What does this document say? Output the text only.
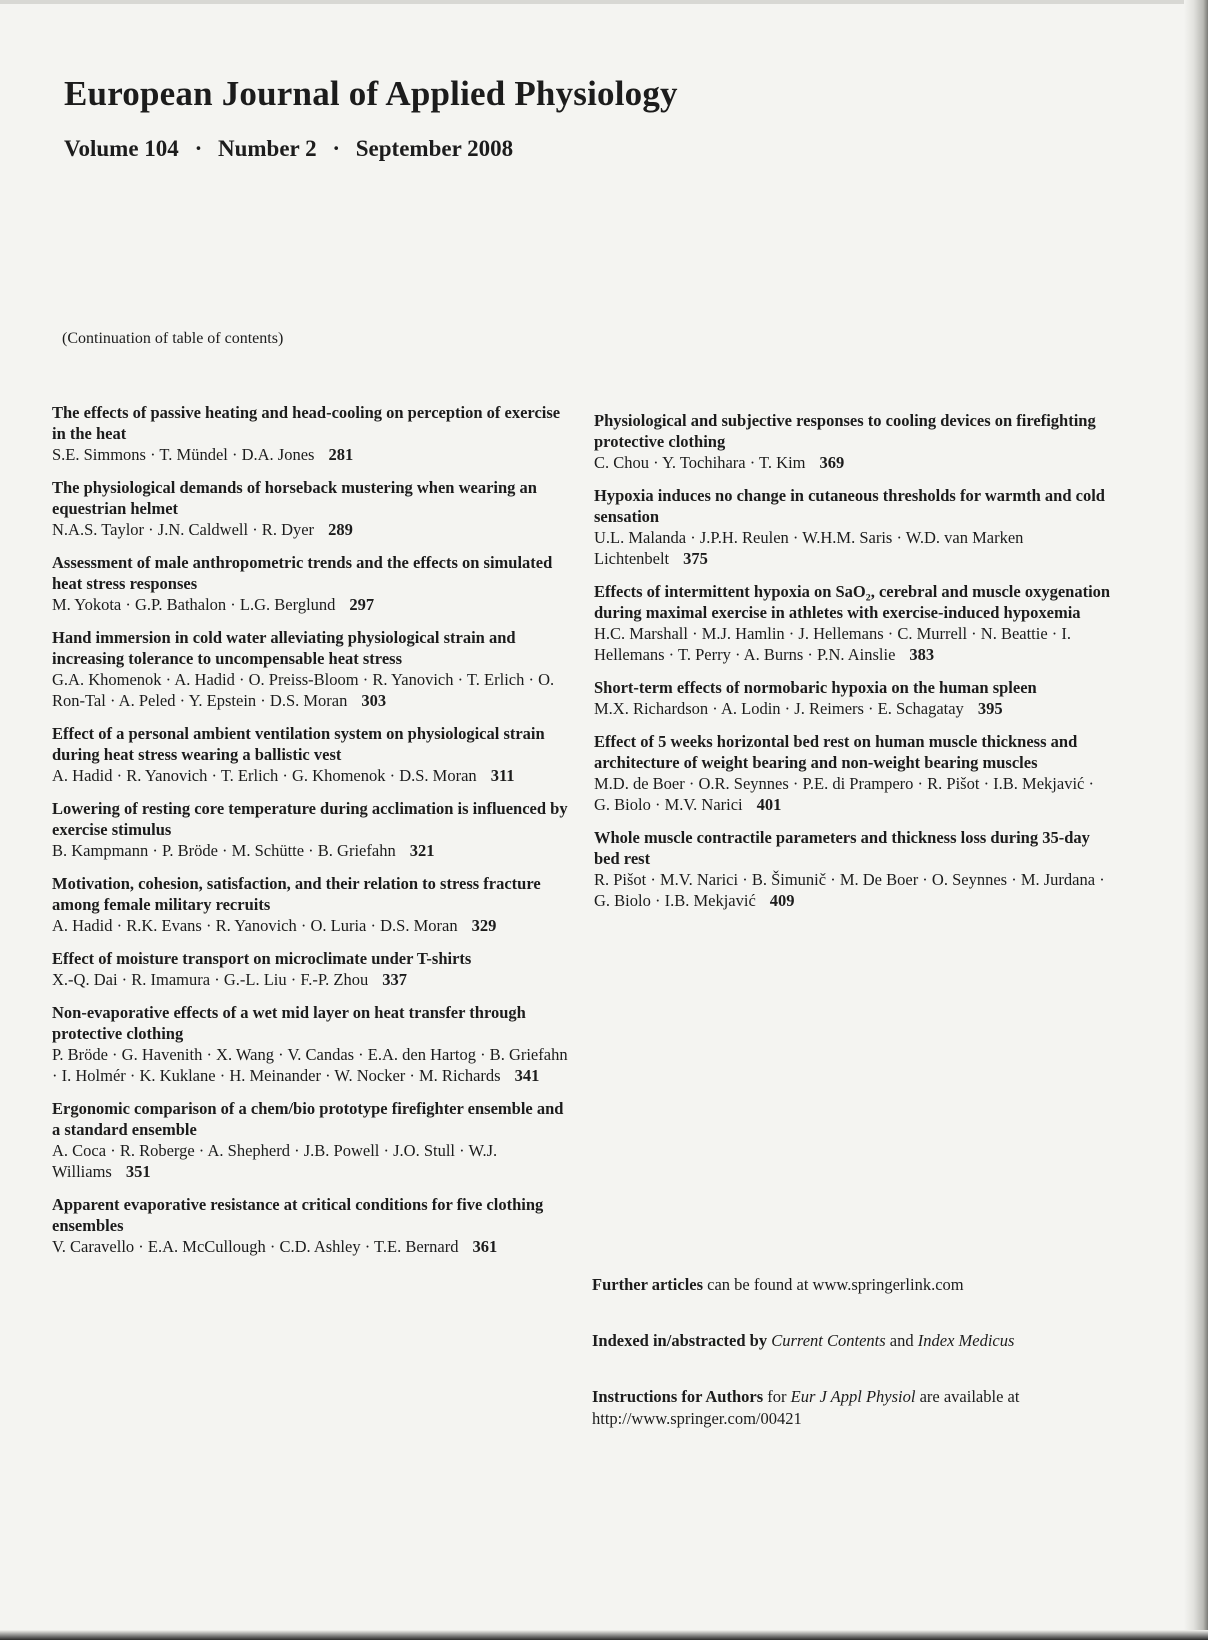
European Journal of Applied Physiology
Volume 104 · Number 2 · September 2008
(Continuation of table of contents)
The effects of passive heating and head-cooling on perception of exercise in the heat
S.E. Simmons · T. Mündel · D.A. Jones 281
The physiological demands of horseback mustering when wearing an equestrian helmet
N.A.S. Taylor · J.N. Caldwell · R. Dyer 289
Assessment of male anthropometric trends and the effects on simulated heat stress responses
M. Yokota · G.P. Bathalon · L.G. Berglund 297
Hand immersion in cold water alleviating physiological strain and increasing tolerance to uncompensable heat stress
G.A. Khomenok · A. Hadid · O. Preiss-Bloom · R. Yanovich · T. Erlich · O. Ron-Tal · A. Peled · Y. Epstein · D.S. Moran 303
Effect of a personal ambient ventilation system on physiological strain during heat stress wearing a ballistic vest
A. Hadid · R. Yanovich · T. Erlich · G. Khomenok · D.S. Moran 311
Lowering of resting core temperature during acclimation is influenced by exercise stimulus
B. Kampmann · P. Bröde · M. Schütte · B. Griefahn 321
Motivation, cohesion, satisfaction, and their relation to stress fracture among female military recruits
A. Hadid · R.K. Evans · R. Yanovich · O. Luria · D.S. Moran 329
Effect of moisture transport on microclimate under T-shirts
X.-Q. Dai · R. Imamura · G.-L. Liu · F.-P. Zhou 337
Non-evaporative effects of a wet mid layer on heat transfer through protective clothing
P. Bröde · G. Havenith · X. Wang · V. Candas · E.A. den Hartog · B. Griefahn · I. Holmér · K. Kuklane · H. Meinander · W. Nocker · M. Richards 341
Ergonomic comparison of a chem/bio prototype firefighter ensemble and a standard ensemble
A. Coca · R. Roberge · A. Shepherd · J.B. Powell · J.O. Stull · W.J. Williams 351
Apparent evaporative resistance at critical conditions for five clothing ensembles
V. Caravello · E.A. McCullough · C.D. Ashley · T.E. Bernard 361
Physiological and subjective responses to cooling devices on firefighting protective clothing
C. Chou · Y. Tochihara · T. Kim 369
Hypoxia induces no change in cutaneous thresholds for warmth and cold sensation
U.L. Malanda · J.P.H. Reulen · W.H.M. Saris · W.D. van Marken Lichtenbelt 375
Effects of intermittent hypoxia on SaO₂, cerebral and muscle oxygenation during maximal exercise in athletes with exercise-induced hypoxemia
H.C. Marshall · M.J. Hamlin · J. Hellemans · C. Murrell · N. Beattie · I. Hellemans · T. Perry · A. Burns · P.N. Ainslie 383
Short-term effects of normobaric hypoxia on the human spleen
M.X. Richardson · A. Lodin · J. Reimers · E. Schagatay 395
Effect of 5 weeks horizontal bed rest on human muscle thickness and architecture of weight bearing and non-weight bearing muscles
M.D. de Boer · O.R. Seynnes · P.E. di Prampero · R. Pišot · I.B. Mekjavić · G. Biolo · M.V. Narici 401
Whole muscle contractile parameters and thickness loss during 35-day bed rest
R. Pišot · M.V. Narici · B. Šimunič · M. De Boer · O. Seynnes · M. Jurdana · G. Biolo · I.B. Mekjavić 409
Further articles can be found at www.springerlink.com
Indexed in/abstracted by Current Contents and Index Medicus
Instructions for Authors for Eur J Appl Physiol are available at http://www.springer.com/00421
